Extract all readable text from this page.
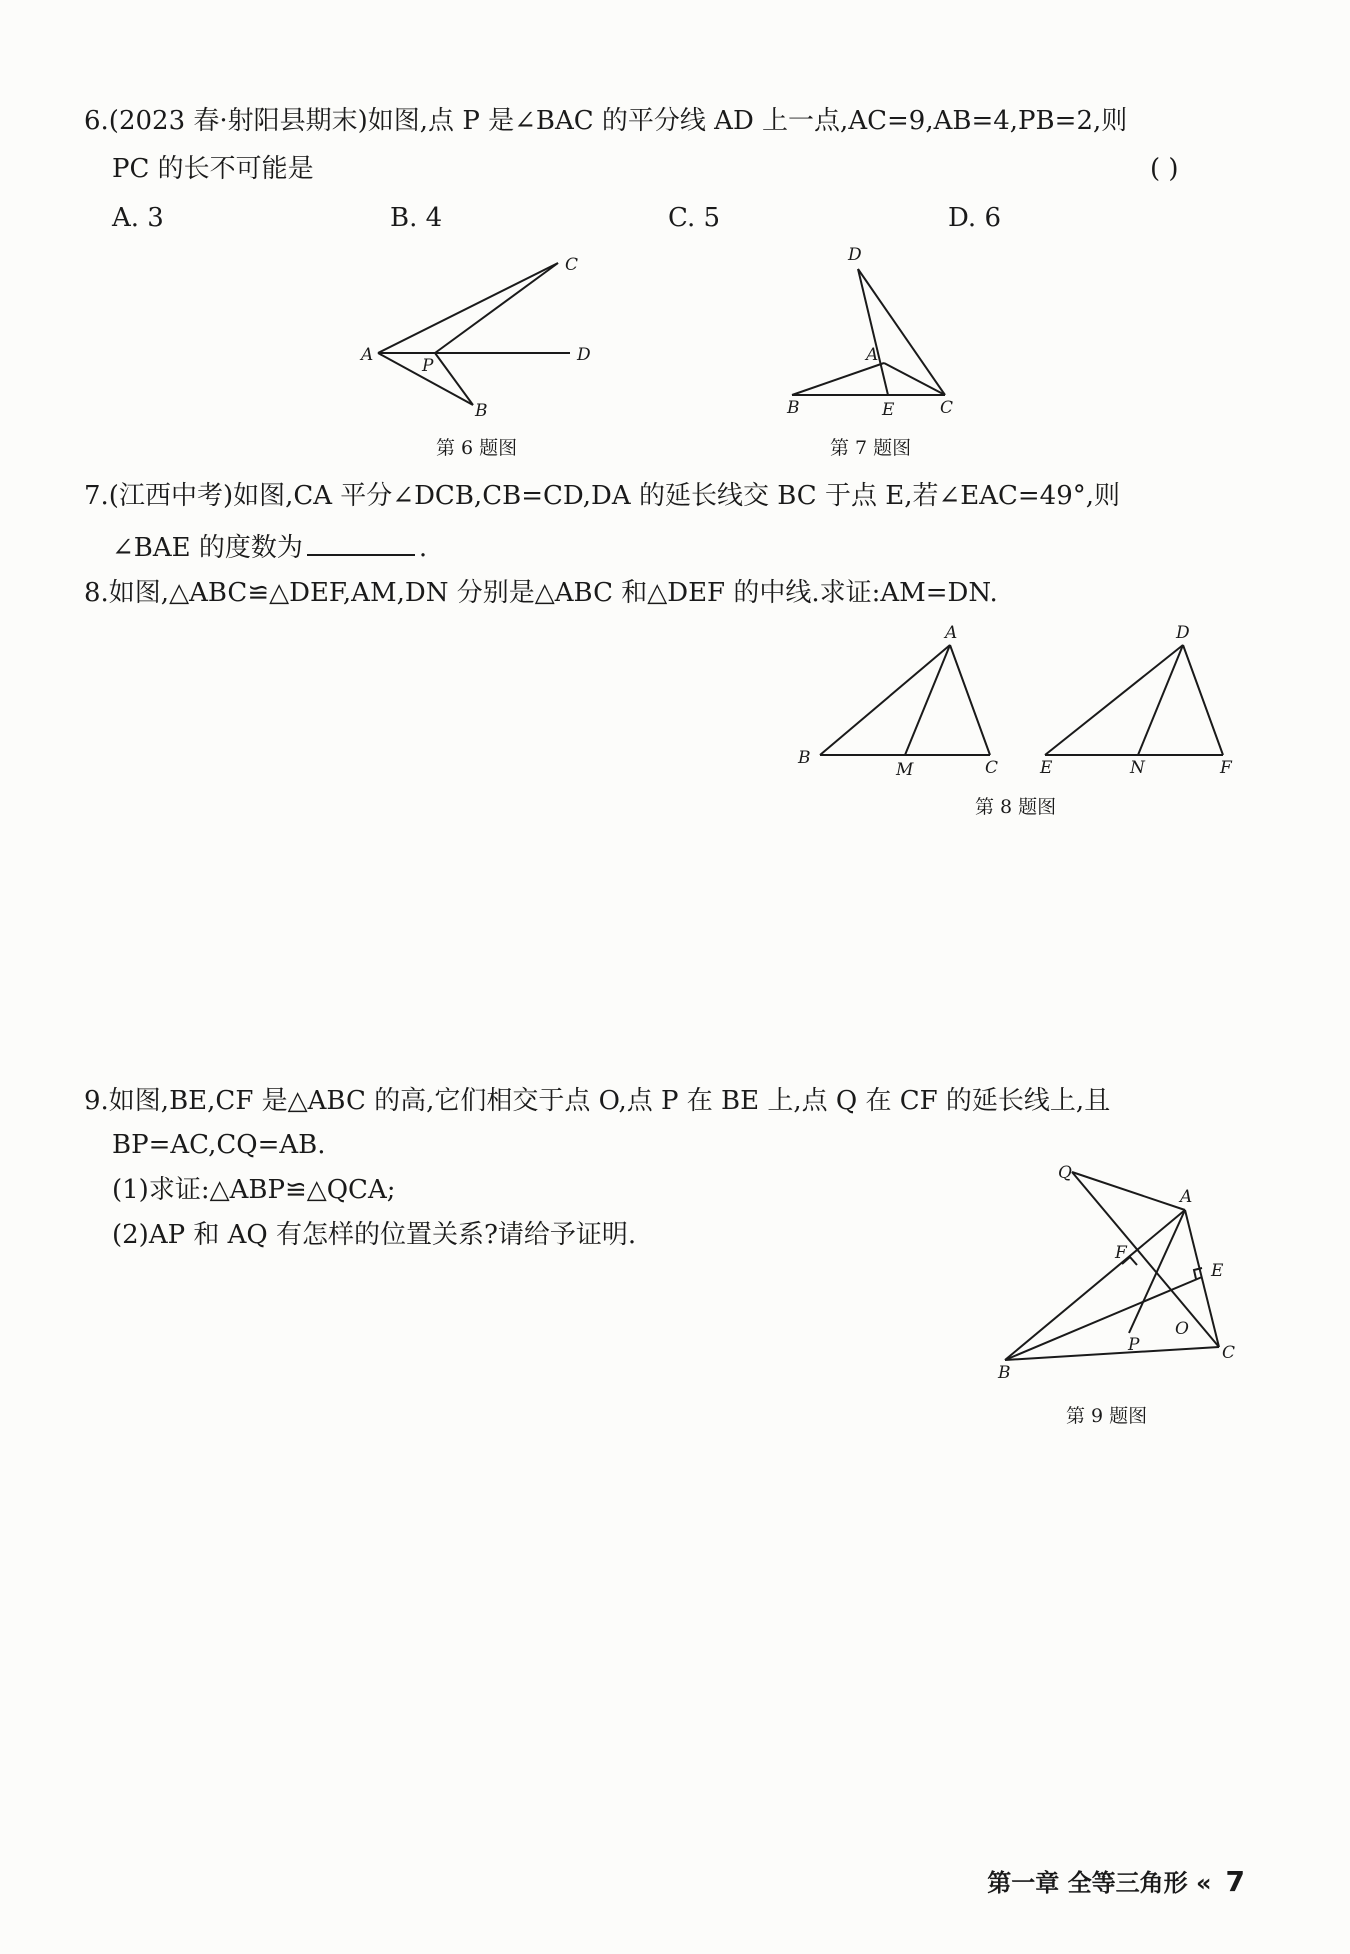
6.(2023 春·射阳县期末)如图,点 P 是∠BAC 的平分线 AD 上一点,AC=9,AB=4,PB=2,则
PC 的长不可能是	( )
A. 3	B. 4	C. 5	D. 6
A
P
C
D
B
第 6 题图
D
A
B	E	C
第 7 题图
7.(江西中考)如图,CA 平分∠DCB,CB=CD,DA 的延长线交 BC 于点 E,若∠EAC=49°,则
∠BAE 的度数为	.
8.如图,△ABC≌△DEF,AM,DN 分别是△ABC 和△DEF 的中线.求证:AM=DN.
A
B
M	C
D
E	N	F
第 8 题图
9.如图,BE,CF 是△ABC 的高,它们相交于点 O,点 P 在 BE 上,点 Q 在 CF 的延长线上,且
BP=AC,CQ=AB.
(1)求证:△ABP≌△QCA;
(2)AP 和 AQ 有怎样的位置关系?请给予证明.
Q
A
F
E
P
O
B
C
第 9 题图
第一章 全等三角形 « 7
